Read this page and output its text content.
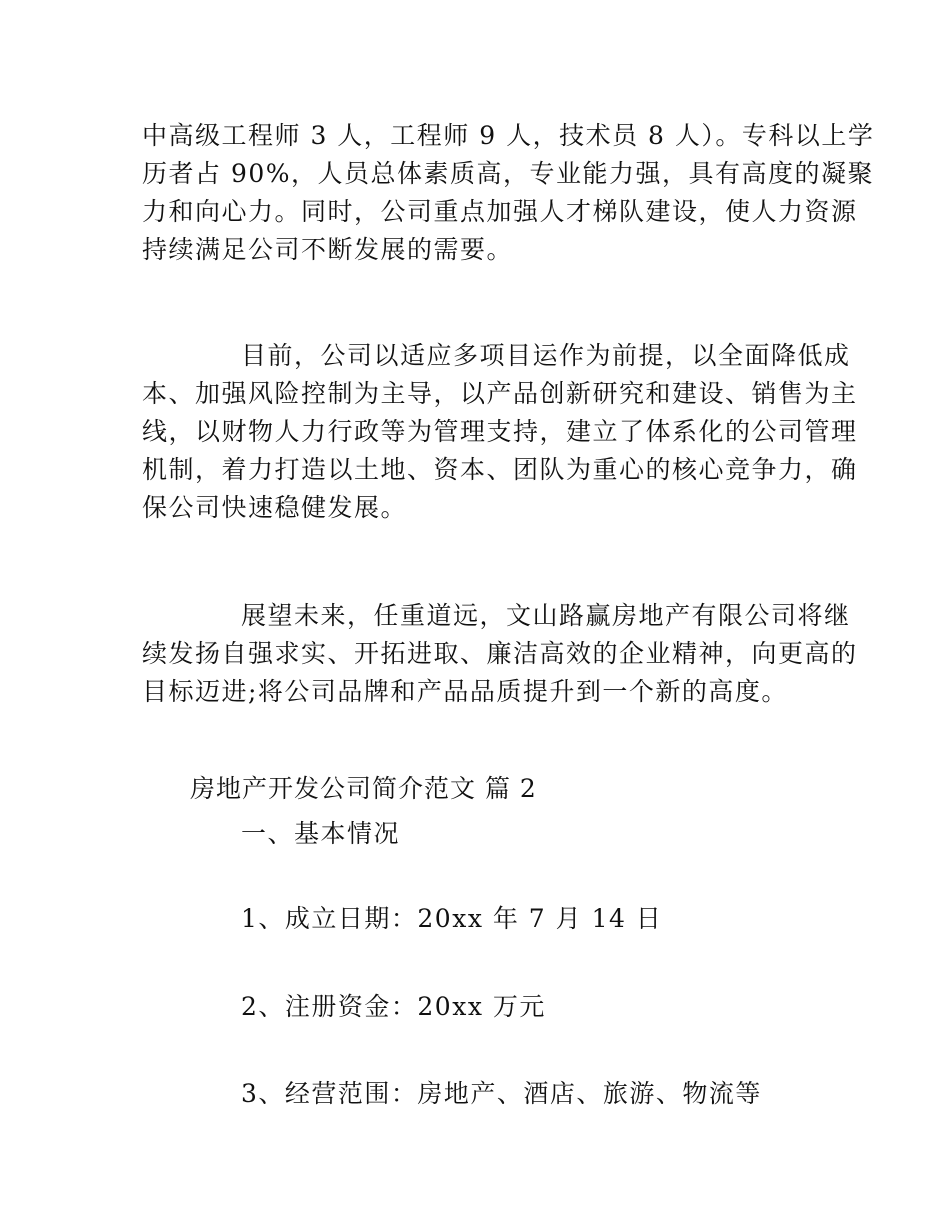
中高级工程师 3 人，工程师 9 人，技术员 8 人）。专科以上学
历者占 90%，人员总体素质高，专业能力强，具有高度的凝聚
力和向心力。同时，公司重点加强人才梯队建设，使人力资源
持续满足公司不断发展的需要。

目前，公司以适应多项目运作为前提，以全面降低成
本、加强风险控制为主导，以产品创新研究和建设、销售为主
线，以财物人力行政等为管理支持，建立了体系化的公司管理
机制，着力打造以土地、资本、团队为重心的核心竞争力，确
保公司快速稳健发展。

展望未来，任重道远，文山路赢房地产有限公司将继
续发扬自强求实、开拓进取、廉洁高效的企业精神，向更高的
目标迈进;将公司品牌和产品品质提升到一个新的高度。

房地产开发公司简介范文 篇 2

一、基本情况

1、成立日期：20xx 年 7 月 14 日

2、注册资金：20xx 万元

3、经营范围：房地产、酒店、旅游、物流等
